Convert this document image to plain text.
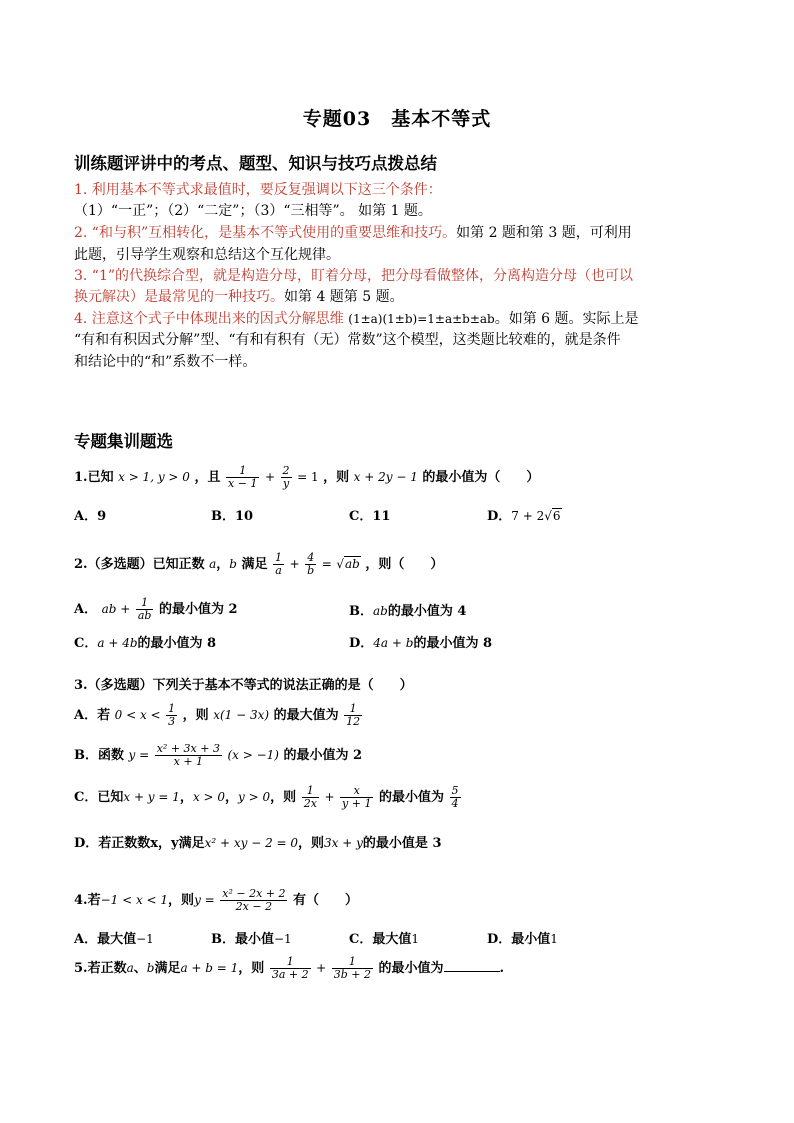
专题03　基本不等式
训练题评讲中的考点、题型、知识与技巧点拨总结
1. 利用基本不等式求最值时，要反复强调以下这三个条件：
（1）“一正”；（2）“二定”；（3）“三相等”。 如第 1 题。
2. “和与积”互相转化，是基本不等式使用的重要思维和技巧。如第 2 题和第 3 题，可利用
此题，引导学生观察和总结这个互化规律。
3. “1”的代换综合型，就是构造分母，盯着分母，把分母看做整体，分离构造分母（也可以
换元解决）是最常见的一种技巧。如第 4 题第 5 题。
4. 注意这个式子中体现出来的因式分解思维 (1±a)(1±b)=1±a±b±ab。如第 6 题。实际上是
“有和有积因式分解”型、“有和有积有（无）常数”这个模型，这类题比较难的，就是条件
和结论中的“和”系数不一样。
专题集训题选
1.已知 x > 1, y > 0 ，且 $\frac{1}{x - 1} + \frac{2}{y} = 1$ ，则 x + 2y − 1 的最小值为（　　）
A．9	B．10	C．11	D．7 + 2√6
2.（多选题）已知正数 a，b 满足 $\frac{1}{a} + \frac{4}{b} = √ab$ ，则（　　）
A． ab + $\frac{1}{ab}$ 的最小值为 2	B．ab的最小值为 4
C．a + 4b的最小值为 8	D．4a + b的最小值为 8
3.（多选题）下列关于基本不等式的说法正确的是（　　）
A．若 $0 < x < \frac{1}{3}$ ，则 x(1 − 3x) 的最大值为 $\frac{1}{12}$
B．函数 $y = \frac{\text{x² + 3x + 3}}{x + 1} (x > -1)$ 的最小值为 2
C．已知x + y = 1，x > 0，y > 0，则 $\frac{1}{2x} + \frac{x}{y + 1}$ 的最小值为 $\frac{5}{4}$
D．若正数数x，y满足x² + xy − 2 = 0，则3x + y的最小值是 3
4.若−1 < x < 1，则$y = \frac{\text{x² − 2x + 2}}{2x - 2}$ 有（　　）
A．最大值−1	B．最小值−1	C．最大值1	D．最小值1
5.若正数a、b满足a + b = 1，则 $\frac{1}{3a + 2} + \frac{1}{3b + 2}$ 的最小值为	.
